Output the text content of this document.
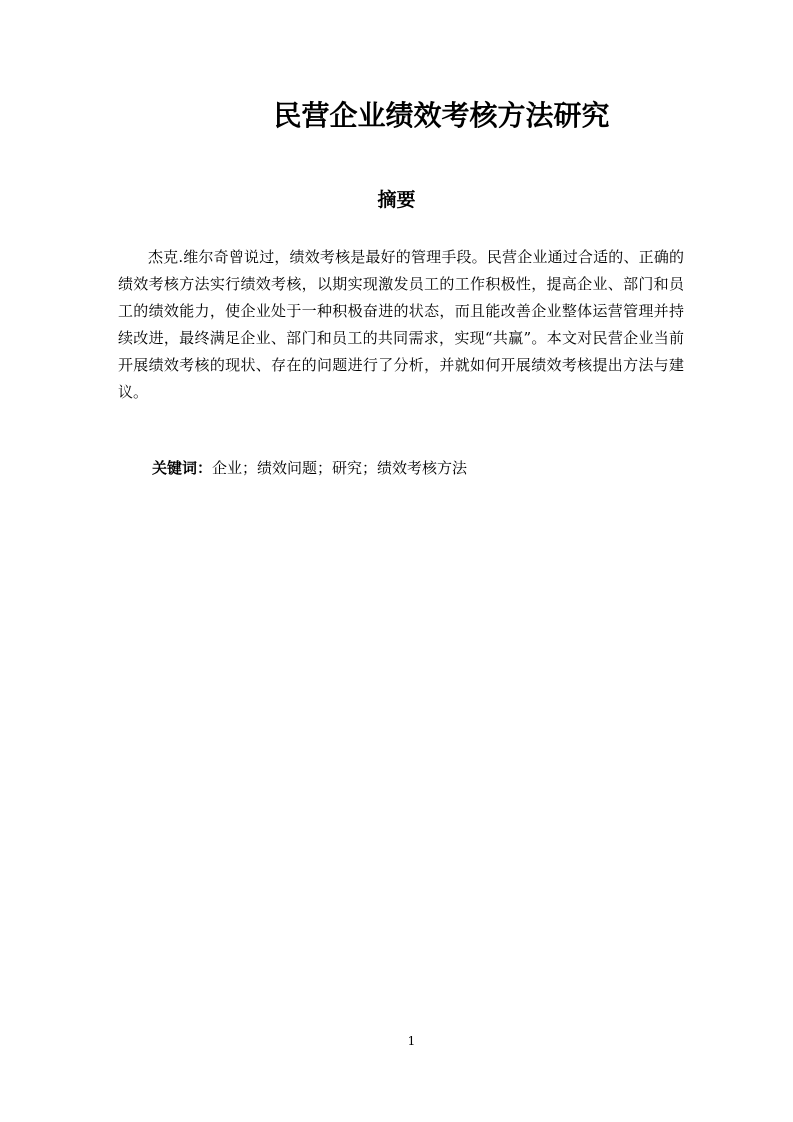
民营企业绩效考核方法研究
摘要

杰克.维尔奇曾说过，绩效考核是最好的管理手段。民营企业通过合适的、正确的绩效考核方法实行绩效考核，以期实现激发员工的工作积极性，提高企业、部门和员工的绩效能力，使企业处于一种积极奋进的状态，而且能改善企业整体运营管理并持续改进，最终满足企业、部门和员工的共同需求，实现“共赢”。本文对民营企业当前开展绩效考核的现状、存在的问题进行了分析，并就如何开展绩效考核提出方法与建议。

关键词：企业；绩效问题；研究；绩效考核方法

1
